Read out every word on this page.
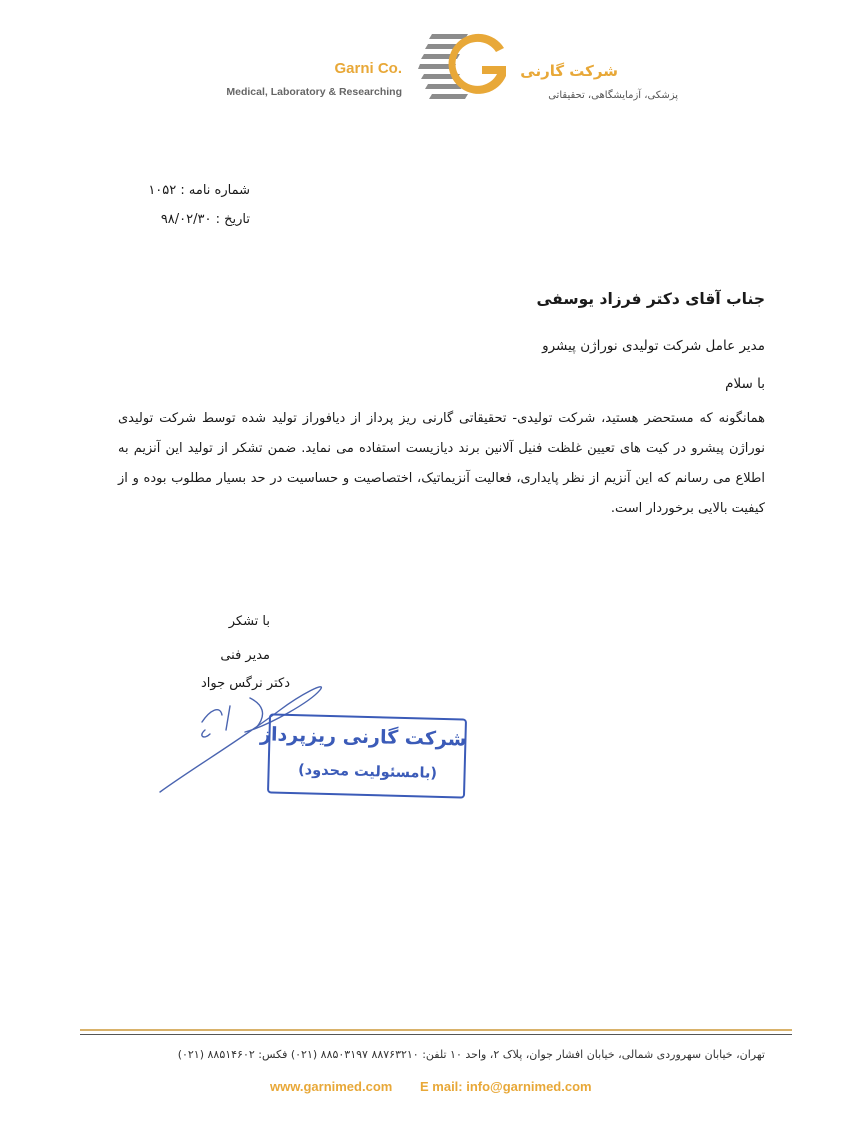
Garni Co.
Medical, Laboratory & Researching
شرکت گارنی
پزشکی، آزمایشگاهی، تحقیقاتی
شماره نامه : ۱۰۵۲
تاریخ : ۹۸/۰۲/۳۰
جناب آقای دکتر فرزاد یوسفی
مدیر عامل شرکت تولیدی نوراژن پیشرو
با سلام
همانگونه که مستحضر هستید، شرکت تولیدی- تحقیقاتی گارنی ریز پرداز از دیافوراز تولید شده توسط شرکت تولیدی نوراژن پیشرو در کیت های تعیین غلظت فنیل آلانین برند دیازیست استفاده می نماید. ضمن تشکر از تولید این آنزیم به اطلاع می رسانم که این آنزیم از نظر پایداری، فعالیت آنزیماتیک، اختصاصیت و حساسیت در حد بسیار مطلوب بوده و از کیفیت بالایی برخوردار است.
با تشکر
مدیر فنی
دکتر نرگس جواد
شرکت گارنی ریزپرداز
(بامسئولیت محدود)
تهران، خیابان سهروردی شمالی، خیابان افشار جوان، پلاک ۲، واحد ۱۰ تلفن: ۸۸۷۶۳۲۱۰ ۸۸۵۰۳۱۹۷ (۰۲۱) فکس: ۸۸۵۱۴۶۰۲ (۰۲۱)
www.garnimed.com	E mail: info@garnimed.com
